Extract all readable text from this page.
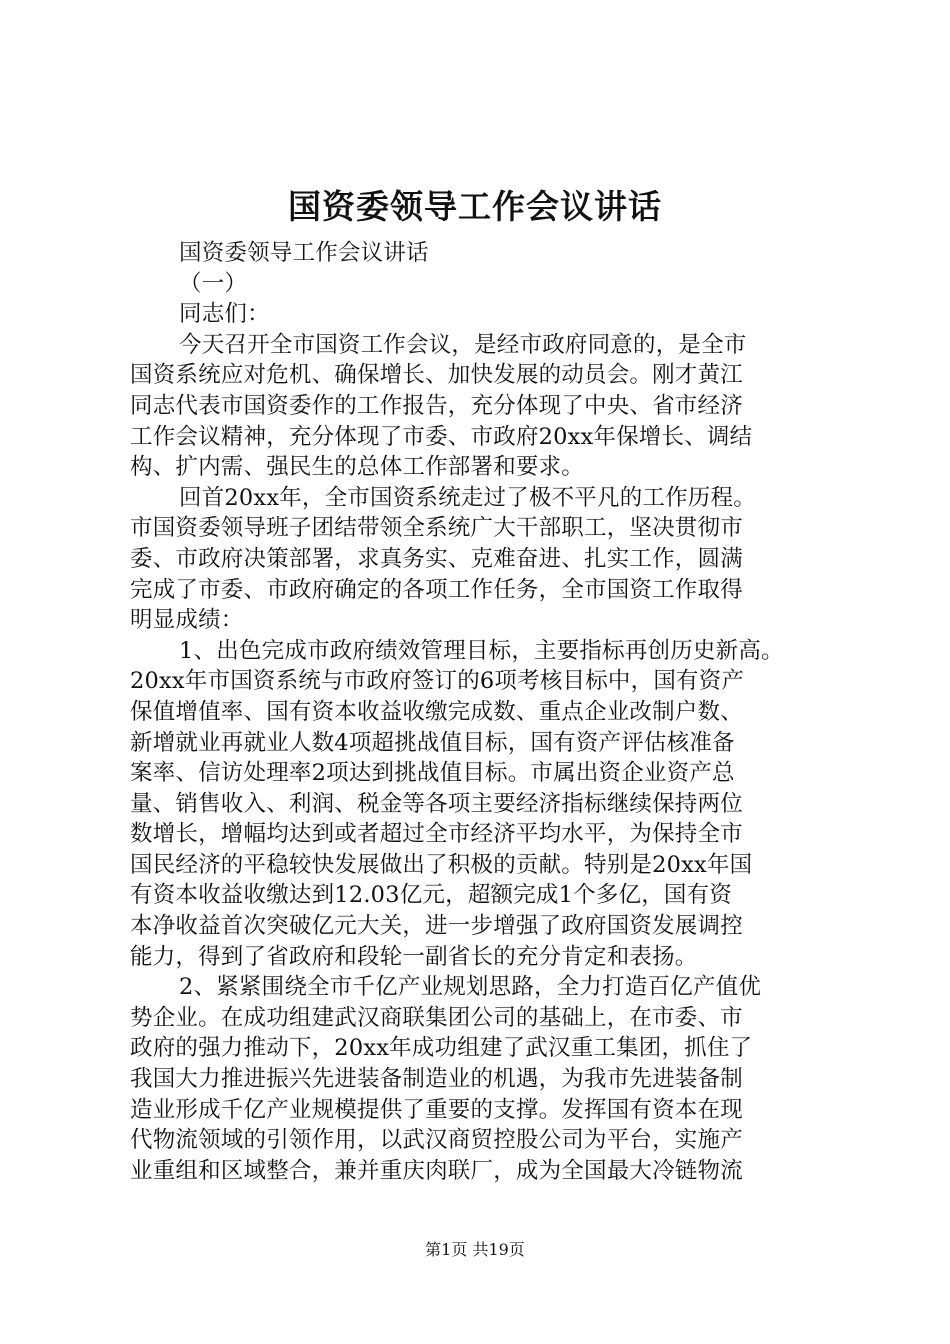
国资委领导工作会议讲话

国资委领导工作会议讲话

（一）

同志们：

今天召开全市国资工作会议，是经市政府同意的，是全市

国资系统应对危机、确保增长、加快发展的动员会。刚才黄江

同志代表市国资委作的工作报告，充分体现了中央、省市经济

工作会议精神，充分体现了市委、市政府20xx年保增长、调结

构、扩内需、强民生的总体工作部署和要求。

回首20xx年，全市国资系统走过了极不平凡的工作历程。

市国资委领导班子团结带领全系统广大干部职工，坚决贯彻市

委、市政府决策部署，求真务实、克难奋进、扎实工作，圆满

完成了市委、市政府确定的各项工作任务，全市国资工作取得

明显成绩：

1、出色完成市政府绩效管理目标，主要指标再创历史新高。

20xx年市国资系统与市政府签订的6项考核目标中，国有资产

保值增值率、国有资本收益收缴完成数、重点企业改制户数、

新增就业再就业人数4项超挑战值目标，国有资产评估核准备

案率、信访处理率2项达到挑战值目标。市属出资企业资产总

量、销售收入、利润、税金等各项主要经济指标继续保持两位

数增长，增幅均达到或者超过全市经济平均水平，为保持全市

国民经济的平稳较快发展做出了积极的贡献。特别是20xx年国

有资本收益收缴达到12.03亿元，超额完成1个多亿，国有资

本净收益首次突破亿元大关，进一步增强了政府国资发展调控

能力，得到了省政府和段轮一副省长的充分肯定和表扬。

2、紧紧围绕全市千亿产业规划思路，全力打造百亿产值优

势企业。在成功组建武汉商联集团公司的基础上，在市委、市

政府的强力推动下，20xx年成功组建了武汉重工集团，抓住了

我国大力推进振兴先进装备制造业的机遇，为我市先进装备制

造业形成千亿产业规模提供了重要的支撑。发挥国有资本在现

代物流领域的引领作用，以武汉商贸控股公司为平台，实施产

业重组和区域整合，兼并重庆肉联厂，成为全国最大冷链物流

第1页 共19页
